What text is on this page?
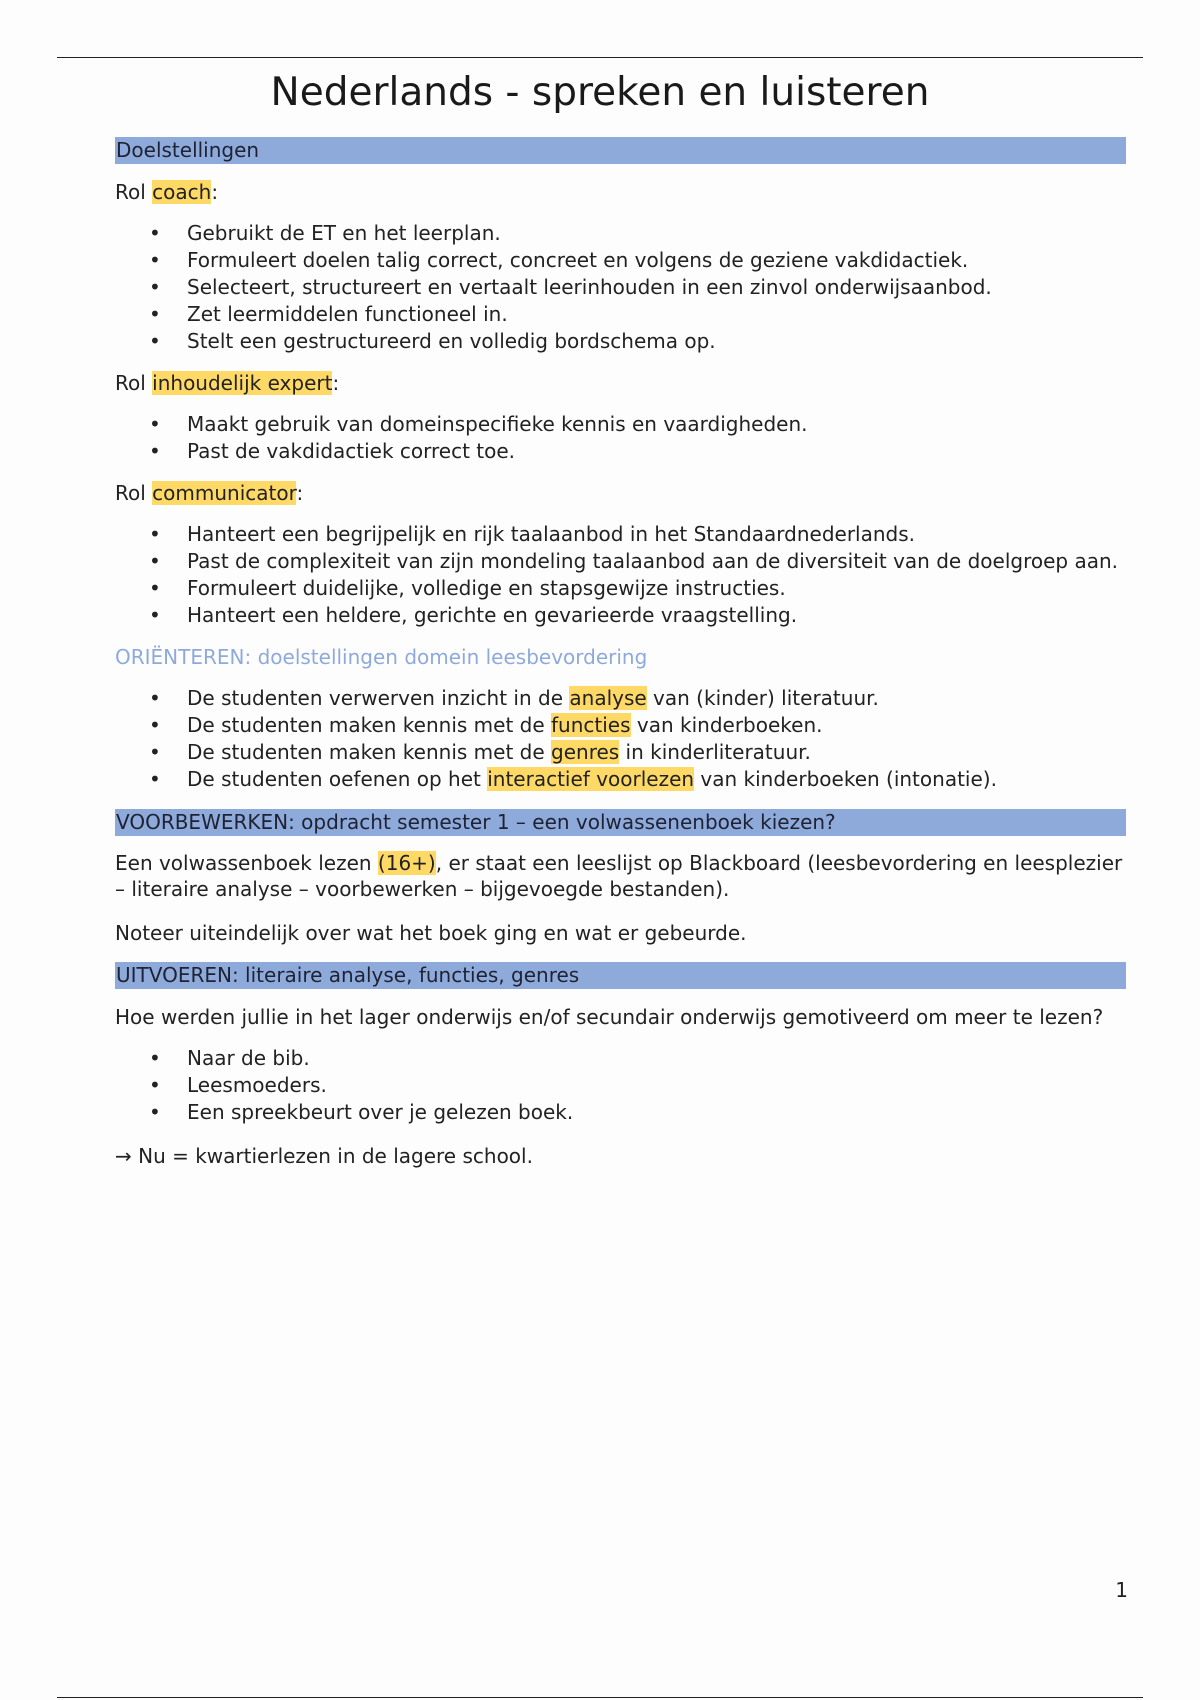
Nederlands - spreken en luisteren
Doelstellingen

Rol coach:

• Gebruikt de ET en het leerplan.
• Formuleert doelen talig correct, concreet en volgens de geziene vakdidactiek.
• Selecteert, structureert en vertaalt leerinhouden in een zinvol onderwijsaanbod.
• Zet leermiddelen functioneel in.
• Stelt een gestructureerd en volledig bordschema op.

Rol inhoudelijk expert:

• Maakt gebruik van domeinspecifieke kennis en vaardigheden.
• Past de vakdidactiek correct toe.

Rol communicator:

• Hanteert een begrijpelijk en rijk taalaanbod in het Standaardnederlands.
• Past de complexiteit van zijn mondeling taalaanbod aan de diversiteit van de doelgroep aan.
• Formuleert duidelijke, volledige en stapsgewijze instructies.
• Hanteert een heldere, gerichte en gevarieerde vraagstelling.

ORIËNTEREN: doelstellingen domein leesbevordering

• De studenten verwerven inzicht in de analyse van (kinder) literatuur.
• De studenten maken kennis met de functies van kinderboeken.
• De studenten maken kennis met de genres in kinderliteratuur.
• De studenten oefenen op het interactief voorlezen van kinderboeken (intonatie).
VOORBEWERKEN: opdracht semester 1 – een volwassenenboek kiezen?

Een volwassenboek lezen (16+), er staat een leeslijst op Blackboard (leesbevordering en leesplezier – literaire analyse – voorbewerken – bijgevoegde bestanden).

Noteer uiteindelijk over wat het boek ging en wat er gebeurde.

UITVOEREN: literaire analyse, functies, genres

Hoe werden jullie in het lager onderwijs en/of secundair onderwijs gemotiveerd om meer te lezen?

• Naar de bib.
• Leesmoeders.
• Een spreekbeurt over je gelezen boek.

→ Nu = kwartierlezen in de lagere school.

1
